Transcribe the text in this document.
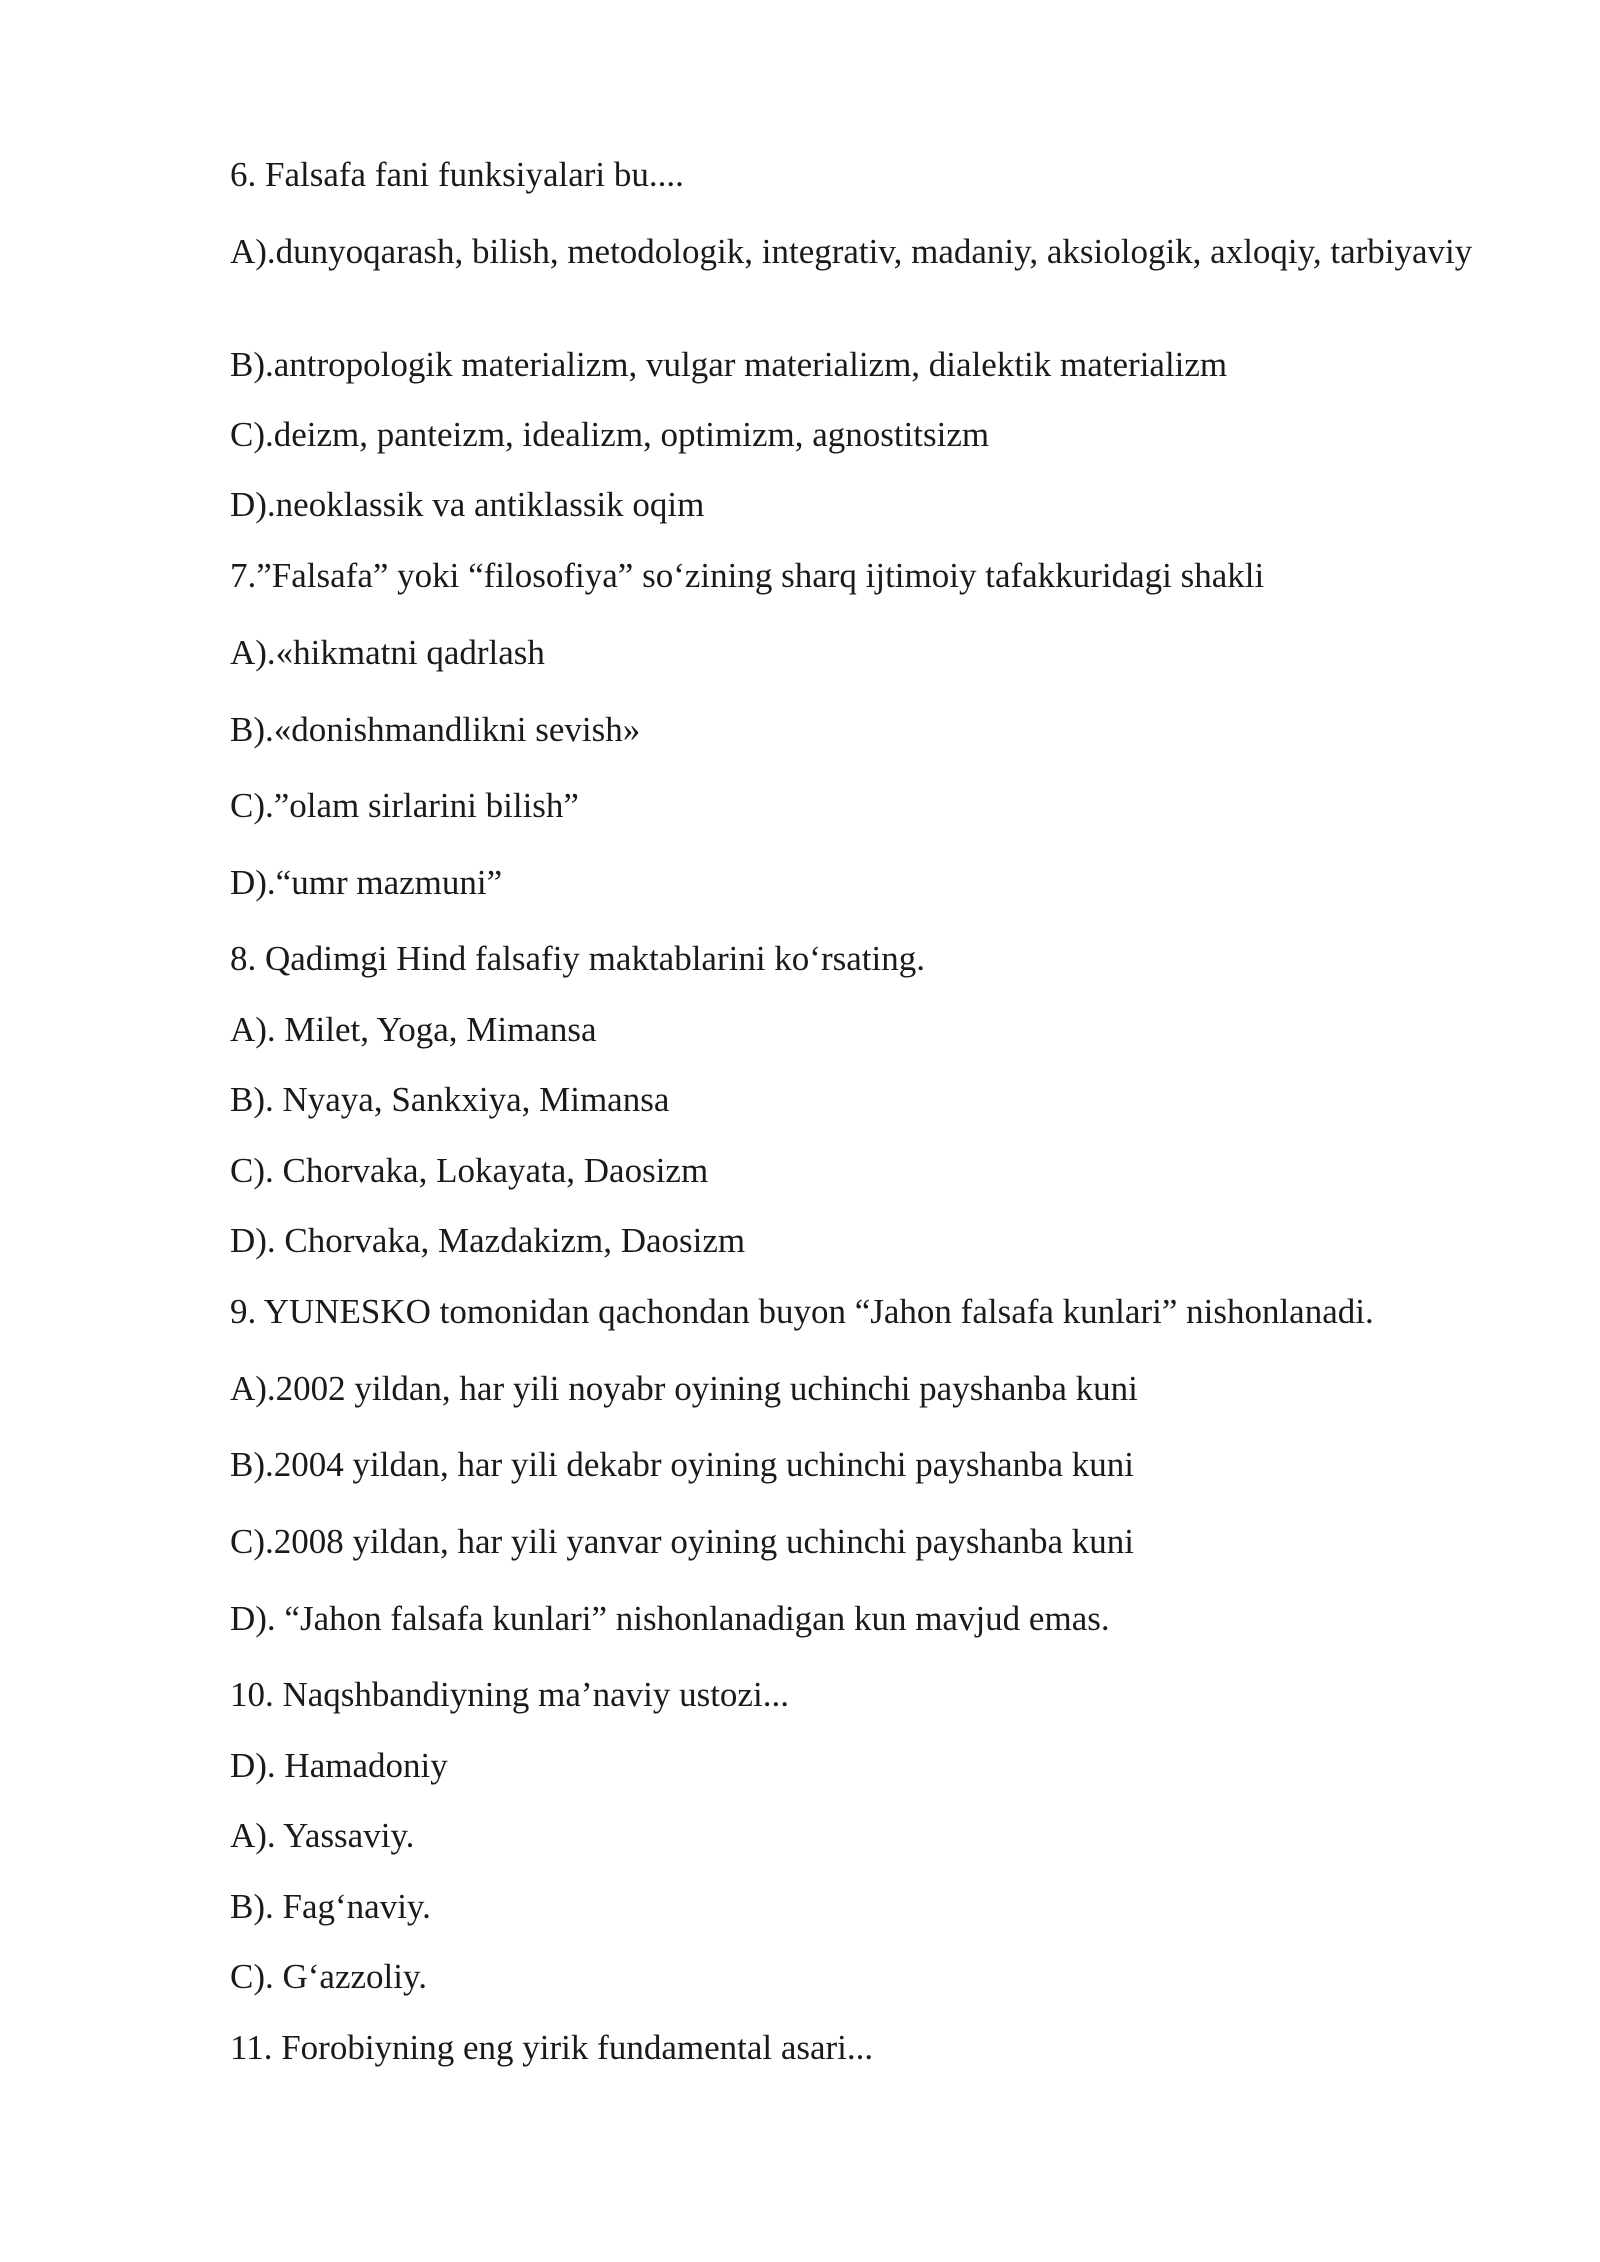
6. Falsafa fani funksiyalari bu....
A).dunyoqarash, bilish, metodologik, integrativ, madaniy, aksiologik, axloqiy, tarbiyaviy
B).antropologik materializm, vulgar materializm, dialektik materializm
C).deizm, panteizm, idealizm, optimizm, agnostitsizm
D).neoklassik va antiklassik oqim
7.”Falsafa” yoki “filosofiya” so‘zining sharq ijtimoiy tafakkuridagi shakli
A).«hikmatni qadrlash
B).«donishmandlikni sevish»
C).”olam sirlarini bilish”
D).“umr mazmuni”
8. Qadimgi Hind falsafiy maktablarini ko‘rsating.
A). Milet, Yoga, Mimansa
B). Nyaya, Sankxiya, Mimansa
C). Chorvaka, Lokayata, Daosizm
D). Chorvaka, Mazdakizm, Daosizm
9. YUNESKO tomonidan qachondan buyon “Jahon falsafa kunlari” nishonlanadi.
A).2002 yildan, har yili noyabr oyining uchinchi payshanba kuni
B).2004 yildan, har yili dekabr oyining uchinchi payshanba kuni
C).2008 yildan, har yili yanvar oyining uchinchi payshanba kuni
D). “Jahon falsafa kunlari” nishonlanadigan kun mavjud emas.
10. Naqshbandiyning ma’naviy ustozi...
D). Hamadoniy
A). Yassaviy.
B). Fag‘naviy.
C). G‘azzoliy.
11. Forobiyning eng yirik fundamental asari...
